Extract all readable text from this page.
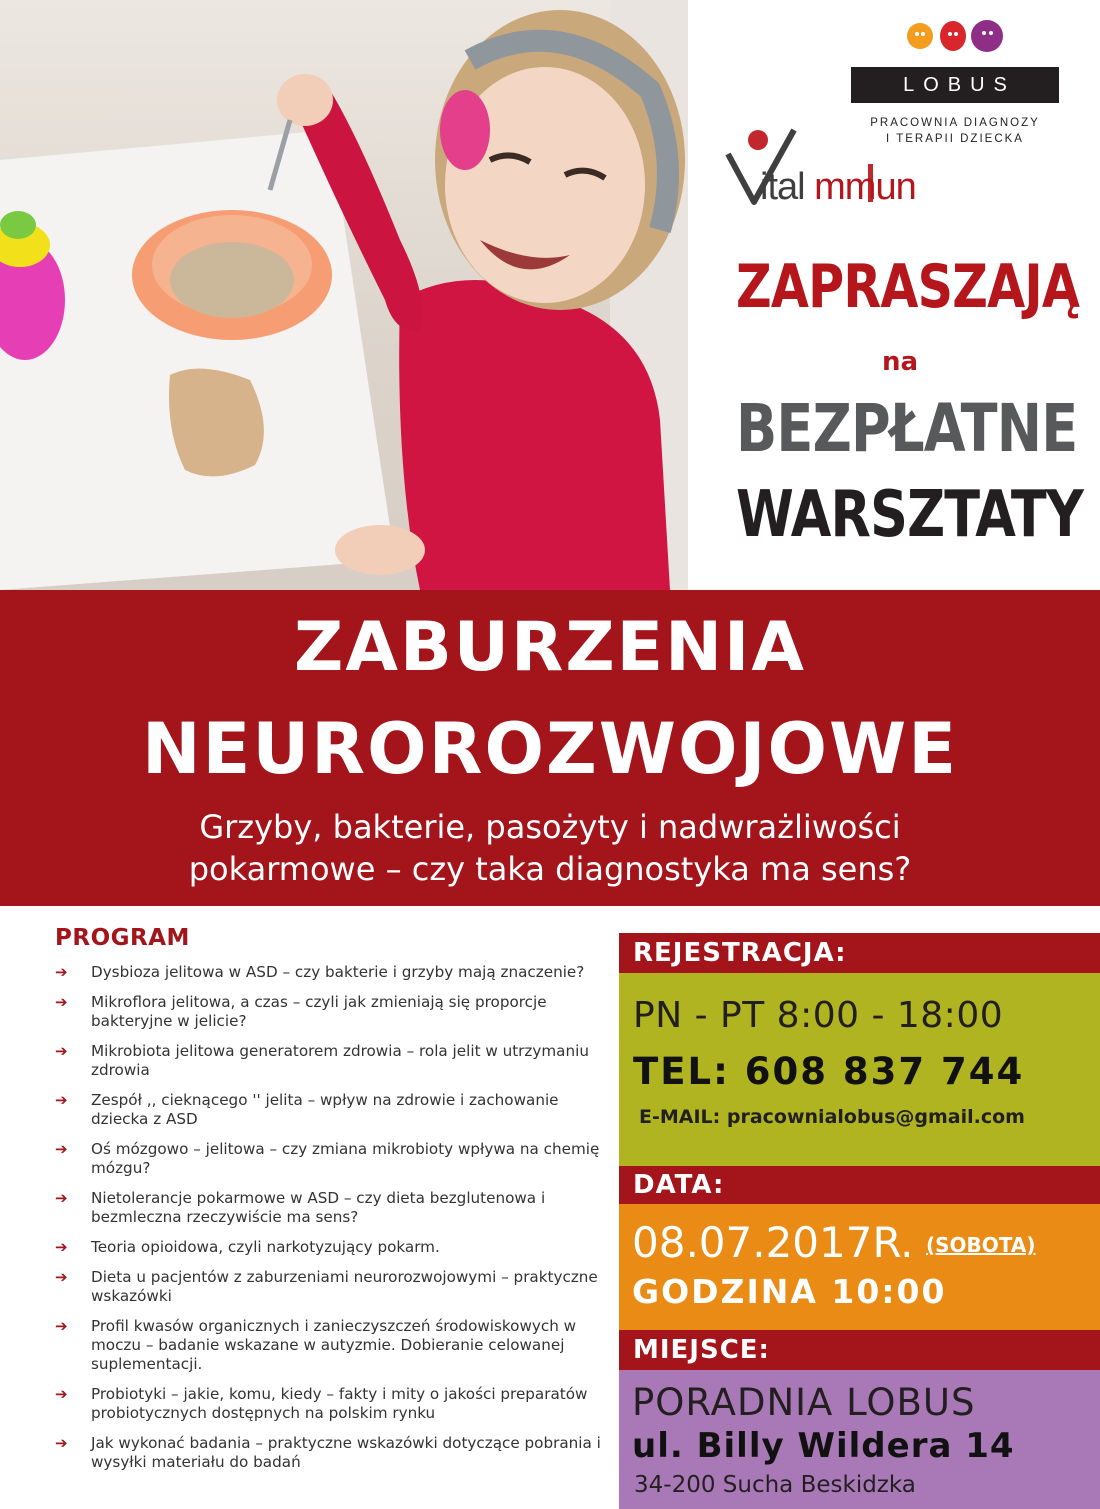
LOBUS
PRACOWNIA DIAGNOZY
I TERAPII DZIECKA
ital mmun
ZAPRASZAJĄ
na
BEZPŁATNE
WARSZTATY
ZABURZENIA
NEUROROZWOJOWE
Grzyby, bakterie, pasożyty i nadwrażliwości
pokarmowe – czy taka diagnostyka ma sens?
PROGRAM
➔ Dysbioza jelitowa w ASD – czy bakterie i grzyby mają znaczenie?
➔ Mikroflora jelitowa, a czas – czyli jak zmieniają się proporcje bakteryjne w jelicie?
➔ Mikrobiota jelitowa generatorem zdrowia – rola jelit w utrzymaniu zdrowia
➔ Zespół ,, cieknącego '' jelita – wpływ na zdrowie i zachowanie dziecka z ASD
➔ Oś mózgowo – jelitowa – czy zmiana mikrobioty wpływa na chemię mózgu?
➔ Nietolerancje pokarmowe w ASD – czy dieta bezglutenowa i bezmleczna rzeczywiście ma sens?
➔ Teoria opioidowa, czyli narkotyzujący pokarm.
➔ Dieta u pacjentów z zaburzeniami neurorozwojowymi – praktyczne wskazówki
➔ Profil kwasów organicznych i zanieczyszczeń środowiskowych w moczu – badanie wskazane w autyzmie. Dobieranie celowanej suplementacji.
➔ Probiotyki – jakie, komu, kiedy – fakty i mity o jakości preparatów probiotycznych dostępnych na polskim rynku
➔ Jak wykonać badania – praktyczne wskazówki dotyczące pobrania i wysyłki materiału do badań
REJESTRACJA:
PN - PT 8:00 - 18:00
TEL: 608 837 744
E-MAIL: pracownialobus@gmail.com
DATA:
08.07.2017R. (SOBOTA)
GODZINA 10:00
MIEJSCE:
PORADNIA LOBUS
ul. Billy Wildera 14
34-200 Sucha Beskidzka
